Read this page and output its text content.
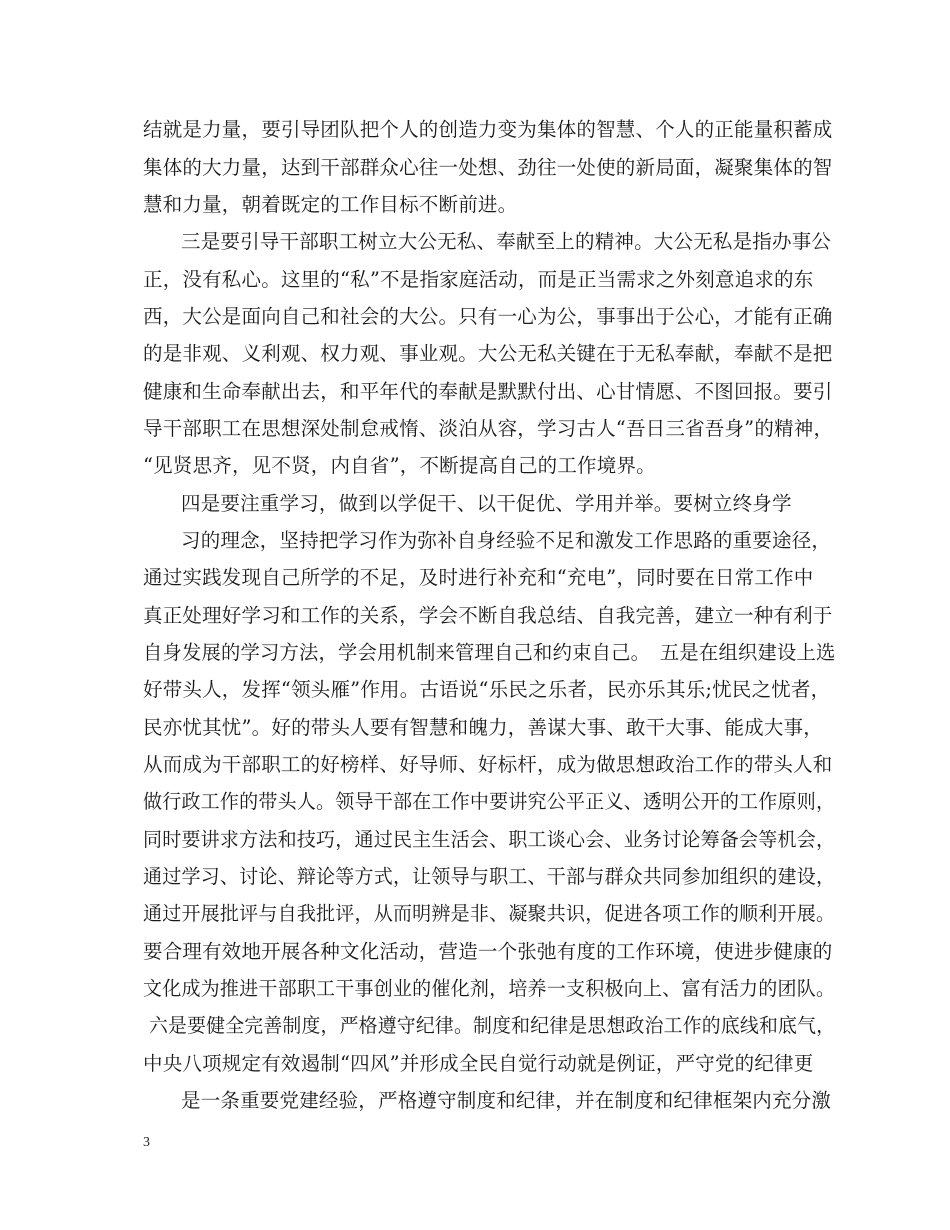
结就是力量，要引导团队把个人的创造力变为集体的智慧、个人的正能量积蓄成
集体的大力量，达到干部群众心往一处想、劲往一处使的新局面，凝聚集体的智
慧和力量，朝着既定的工作目标不断前进。
三是要引导干部职工树立大公无私、奉献至上的精神。大公无私是指办事公
正，没有私心。这里的“私”不是指家庭活动，而是正当需求之外刻意追求的东
西，大公是面向自己和社会的大公。只有一心为公，事事出于公心，才能有正确
的是非观、义利观、权力观、事业观。大公无私关键在于无私奉献，奉献不是把
健康和生命奉献出去，和平年代的奉献是默默付出、心甘情愿、不图回报。要引
导干部职工在思想深处制怠戒惰、淡泊从容，学习古人“吾日三省吾身”的精神，
“见贤思齐，见不贤，内自省”，不断提高自己的工作境界。
四是要注重学习，做到以学促干、以干促优、学用并举。要树立终身学
习的理念，坚持把学习作为弥补自身经验不足和激发工作思路的重要途径，
通过实践发现自己所学的不足，及时进行补充和“充电”，同时要在日常工作中
真正处理好学习和工作的关系，学会不断自我总结、自我完善，建立一种有利于
自身发展的学习方法，学会用机制来管理自己和约束自己。　五是在组织建设上选
好带头人，发挥“领头雁”作用。古语说“乐民之乐者，民亦乐其乐;忧民之忧者，
民亦忧其忧”。好的带头人要有智慧和魄力，善谋大事、敢干大事、能成大事，
从而成为干部职工的好榜样、好导师、好标杆，成为做思想政治工作的带头人和
做行政工作的带头人。领导干部在工作中要讲究公平正义、透明公开的工作原则，
同时要讲求方法和技巧，通过民主生活会、职工谈心会、业务讨论筹备会等机会，
通过学习、讨论、辩论等方式，让领导与职工、干部与群众共同参加组织的建设，
通过开展批评与自我批评，从而明辨是非、凝聚共识，促进各项工作的顺利开展。
要合理有效地开展各种文化活动，营造一个张弛有度的工作环境，使进步健康的
文化成为推进干部职工干事创业的催化剂，培养一支积极向上、富有活力的团队。
六是要健全完善制度，严格遵守纪律。制度和纪律是思想政治工作的底线和底气，
中央八项规定有效遏制“四风”并形成全民自觉行动就是例证，严守党的纪律更
是一条重要党建经验，严格遵守制度和纪律，并在制度和纪律框架内充分激
3
